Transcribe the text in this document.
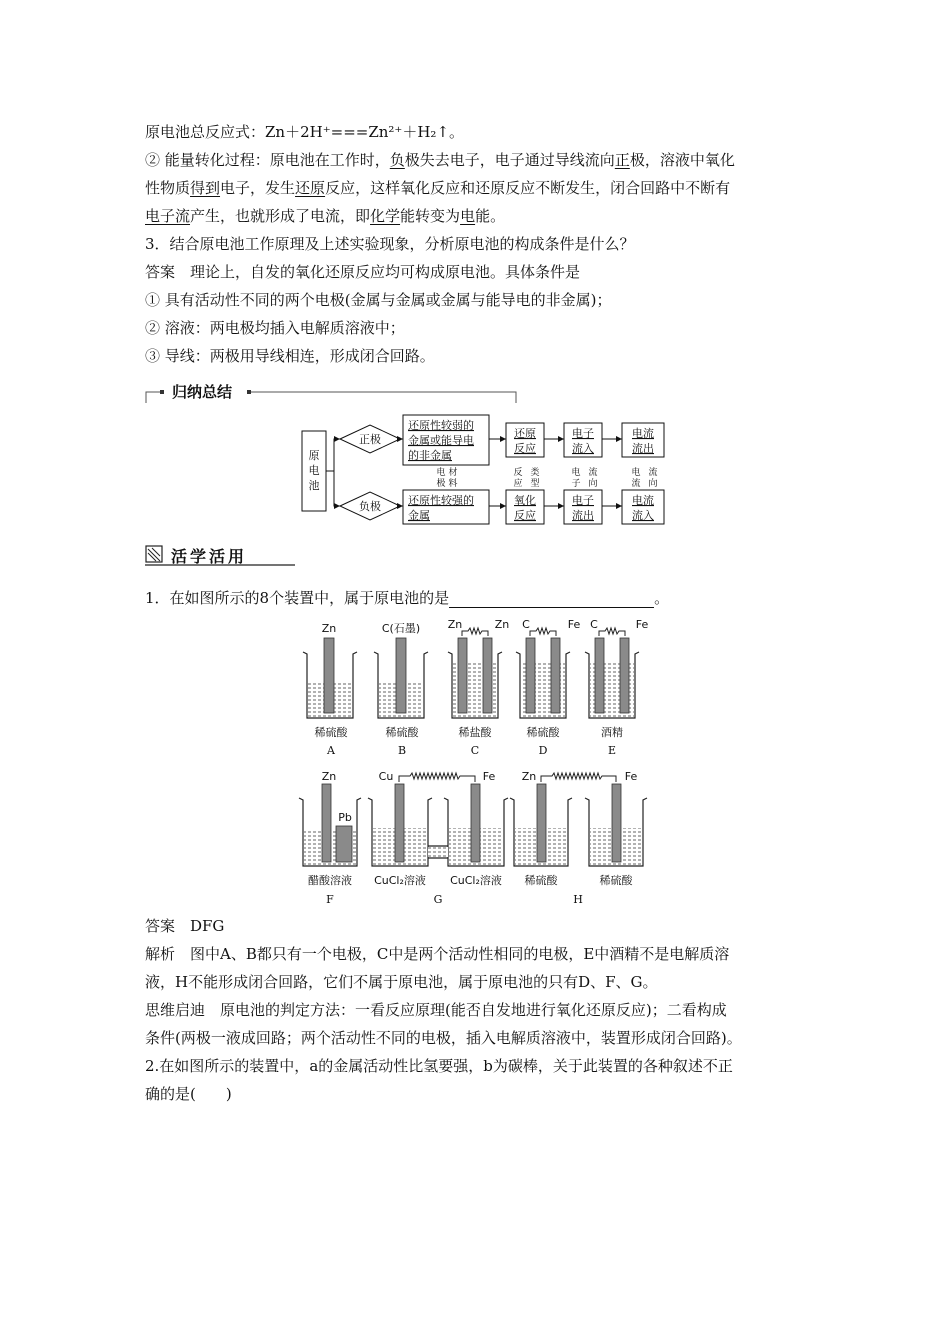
原电池总反应式：Zn＋2H⁺===Zn²⁺＋H₂↑。
② 能量转化过程：原电池在工作时，负极失去电子，电子通过导线流向正极，溶液中氧化
性物质得到电子，发生还原反应，这样氧化反应和还原反应不断发生，闭合回路中不断有
电子流产生，也就形成了电流，即化学能转变为电能。
3．结合原电池工作原理及上述实验现象，分析原电池的构成条件是什么？
答案　理论上，自发的氧化还原反应均可构成原电池。具体条件是
① 具有活动性不同的两个电极(金属与金属或金属与能导电的非金属)；
② 溶液：两电极均插入电解质溶液中；
③ 导线：两极用导线相连，形成闭合回路。
归纳总结
原
电
池
正极
负极
还原性较弱的
金属或能导电
的非金属
还原性较强的
金属
电
极
材
料
反
应
类
型
电
子
流
向
电
流
流
向
还原
反应
电子
流入
电流
流出
氧化
反应
电子
流出
电流
流入
活学活用
1．在如图所示的8个装置中，属于原电池的是	。
Zn
稀硫酸
A
C(石墨)
稀硫酸
B
Zn	Zn
稀盐酸
C
C	Fe
稀硫酸
D
C	Fe
酒精
E
Zn
Pb
醋酸溶液
F
Cu	Fe
CuCl₂溶液 CuCl₂溶液
G
Zn	Fe
稀硫酸	稀硫酸
H
答案　DFG
解析　图中A、B都只有一个电极，C中是两个活动性相同的电极，E中酒精不是电解质溶
液，H不能形成闭合回路，它们不属于原电池，属于原电池的只有D、F、G。
思维启迪　原电池的判定方法：一看反应原理(能否自发地进行氧化还原反应)；二看构成
条件(两极一液成回路；两个活动性不同的电极，插入电解质溶液中，装置形成闭合回路)。
2.在如图所示的装置中，a的金属活动性比氢要强，b为碳棒，关于此装置的各种叙述不正
确的是(　　)
